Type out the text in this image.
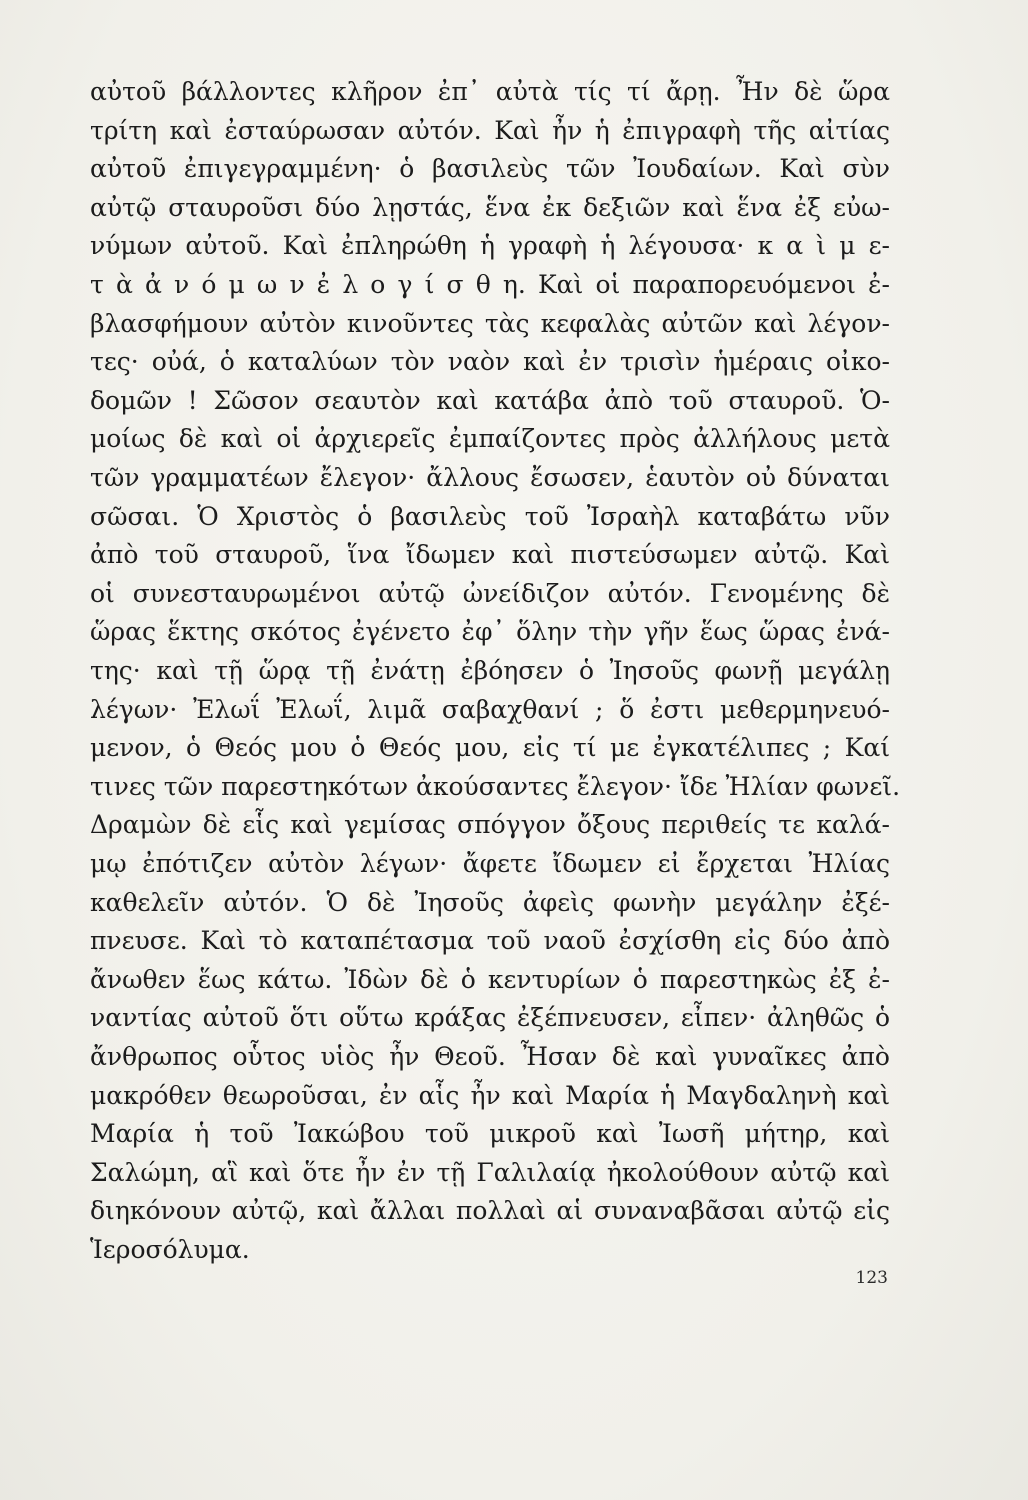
αὐτοῦ βάλλοντες κλῆρον ἐπ᾽ αὐτὰ τίς τί ἄρῃ. Ἦν δὲ ὥρα
τρίτη καὶ ἐσταύρωσαν αὐτόν. Καὶ ἦν ἡ ἐπιγραφὴ τῆς αἰτίας
αὐτοῦ ἐπιγεγραμμένη· ὁ βασιλεὺς τῶν Ἰουδαίων. Καὶ σὺν
αὐτῷ σταυροῦσι δύο λῃστάς, ἕνα ἐκ δεξιῶν καὶ ἕνα ἐξ εὐω-
νύμων αὐτοῦ. Καὶ ἐπληρώθη ἡ γραφὴ ἡ λέγουσα· κ α ὶ μ ε-
τ ὰ ἀ ν ό μ ω ν ἐ λ ο γ ί σ θ η. Καὶ οἱ παραπορευόμενοι ἐ-
βλασφήμουν αὐτὸν κινοῦντες τὰς κεφαλὰς αὐτῶν καὶ λέγον-
τες· οὐά, ὁ καταλύων τὸν ναὸν καὶ ἐν τρισὶν ἡμέραις οἰκο-
δομῶν ! Σῶσον σεαυτὸν καὶ κατάβα ἀπὸ τοῦ σταυροῦ. Ὁ-
μοίως δὲ καὶ οἱ ἀρχιερεῖς ἐμπαίζοντες πρὸς ἀλλήλους μετὰ
τῶν γραμματέων ἔλεγον· ἄλλους ἔσωσεν, ἑαυτὸν οὐ δύναται
σῶσαι. Ὁ Χριστὸς ὁ βασιλεὺς τοῦ Ἰσραὴλ καταβάτω νῦν
ἀπὸ τοῦ σταυροῦ, ἵνα ἴδωμεν καὶ πιστεύσωμεν αὐτῷ. Καὶ
οἱ συνεσταυρωμένοι αὐτῷ ὠνείδιζον αὐτόν. Γενομένης δὲ
ὥρας ἕκτης σκότος ἐγένετο ἐφ᾽ ὅλην τὴν γῆν ἕως ὥρας ἐνά-
της· καὶ τῇ ὥρᾳ τῇ ἐνάτῃ ἐβόησεν ὁ Ἰησοῦς φωνῇ μεγάλῃ
λέγων· Ἐλωΐ Ἐλωΐ, λιμᾶ σαβαχθανί ; ὅ ἐστι μεθερμηνευό-
μενον, ὁ Θεός μου ὁ Θεός μου, εἰς τί με ἐγκατέλιπες ; Καί
τινες τῶν παρεστηκότων ἀκούσαντες ἔλεγον· ἴδε Ἠλίαν φωνεῖ.
Δραμὼν δὲ εἷς καὶ γεμίσας σπόγγον ὄξους περιθείς τε καλά-
μῳ ἐπότιζεν αὐτὸν λέγων· ἄφετε ἴδωμεν εἰ ἔρχεται Ἠλίας
καθελεῖν αὐτόν. Ὁ δὲ Ἰησοῦς ἀφεὶς φωνὴν μεγάλην ἐξέ-
πνευσε. Καὶ τὸ καταπέτασμα τοῦ ναοῦ ἐσχίσθη εἰς δύο ἀπὸ
ἄνωθεν ἕως κάτω. Ἰδὼν δὲ ὁ κεντυρίων ὁ παρεστηκὼς ἐξ ἐ-
ναντίας αὐτοῦ ὅτι οὕτω κράξας ἐξέπνευσεν, εἶπεν· ἀληθῶς ὁ
ἄνθρωπος οὗτος υἱὸς ἦν Θεοῦ. Ἦσαν δὲ καὶ γυναῖκες ἀπὸ
μακρόθεν θεωροῦσαι, ἐν αἷς ἦν καὶ Μαρία ἡ Μαγδαληνὴ καὶ
Μαρία ἡ τοῦ Ἰακώβου τοῦ μικροῦ καὶ Ἰωσῆ μήτηρ, καὶ
Σαλώμη, αἳ καὶ ὅτε ἦν ἐν τῇ Γαλιλαίᾳ ἠκολούθουν αὐτῷ καὶ
διηκόνουν αὐτῷ, καὶ ἄλλαι πολλαὶ αἱ συναναβᾶσαι αὐτῷ εἰς
Ἱεροσόλυμα.
123
